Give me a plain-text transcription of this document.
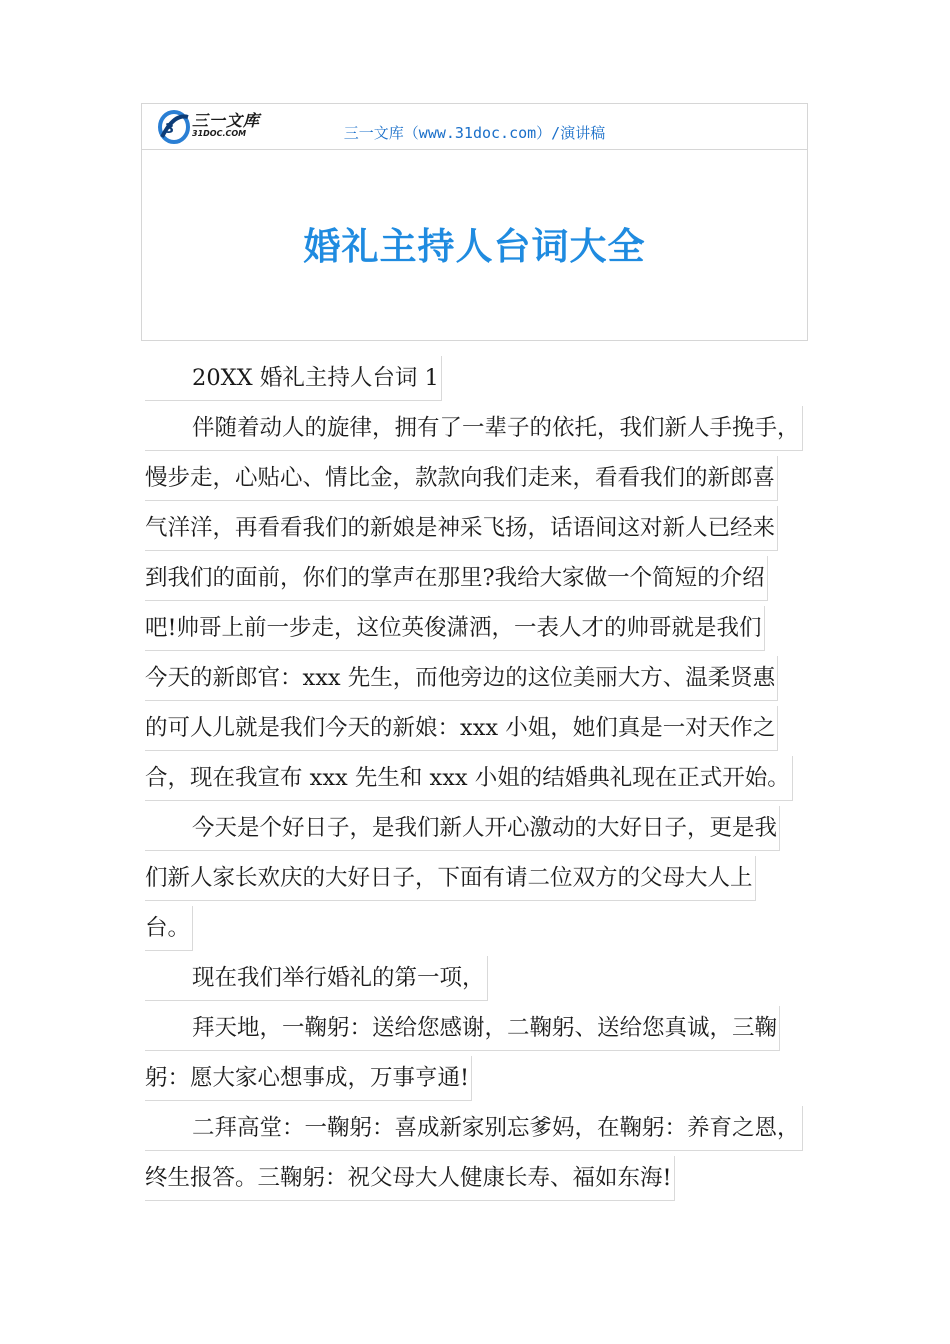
3 三一文库
31DOC.COM	三一文库（www.31doc.com）/演讲稿
婚礼主持人台词大全
20XX 婚礼主持人台词 1
伴随着动人的旋律，拥有了一辈子的依托，我们新人手挽手，
慢步走，心贴心、情比金，款款向我们走来，看看我们的新郎喜
气洋洋，再看看我们的新娘是神采飞扬，话语间这对新人已经来
到我们的面前，你们的掌声在那里?我给大家做一个简短的介绍
吧!帅哥上前一步走，这位英俊潇洒，一表人才的帅哥就是我们
今天的新郎官：xxx 先生，而他旁边的这位美丽大方、温柔贤惠
的可人儿就是我们今天的新娘：xxx 小姐，她们真是一对天作之
合，现在我宣布 xxx 先生和 xxx 小姐的结婚典礼现在正式开始。
今天是个好日子，是我们新人开心激动的大好日子，更是我
们新人家长欢庆的大好日子，下面有请二位双方的父母大人上
台。
现在我们举行婚礼的第一项，
拜天地，一鞠躬：送给您感谢，二鞠躬、送给您真诚，三鞠
躬：愿大家心想事成，万事亨通!
二拜高堂：一鞠躬：喜成新家别忘爹妈，在鞠躬：养育之恩，
终生报答。三鞠躬：祝父母大人健康长寿、福如东海!
